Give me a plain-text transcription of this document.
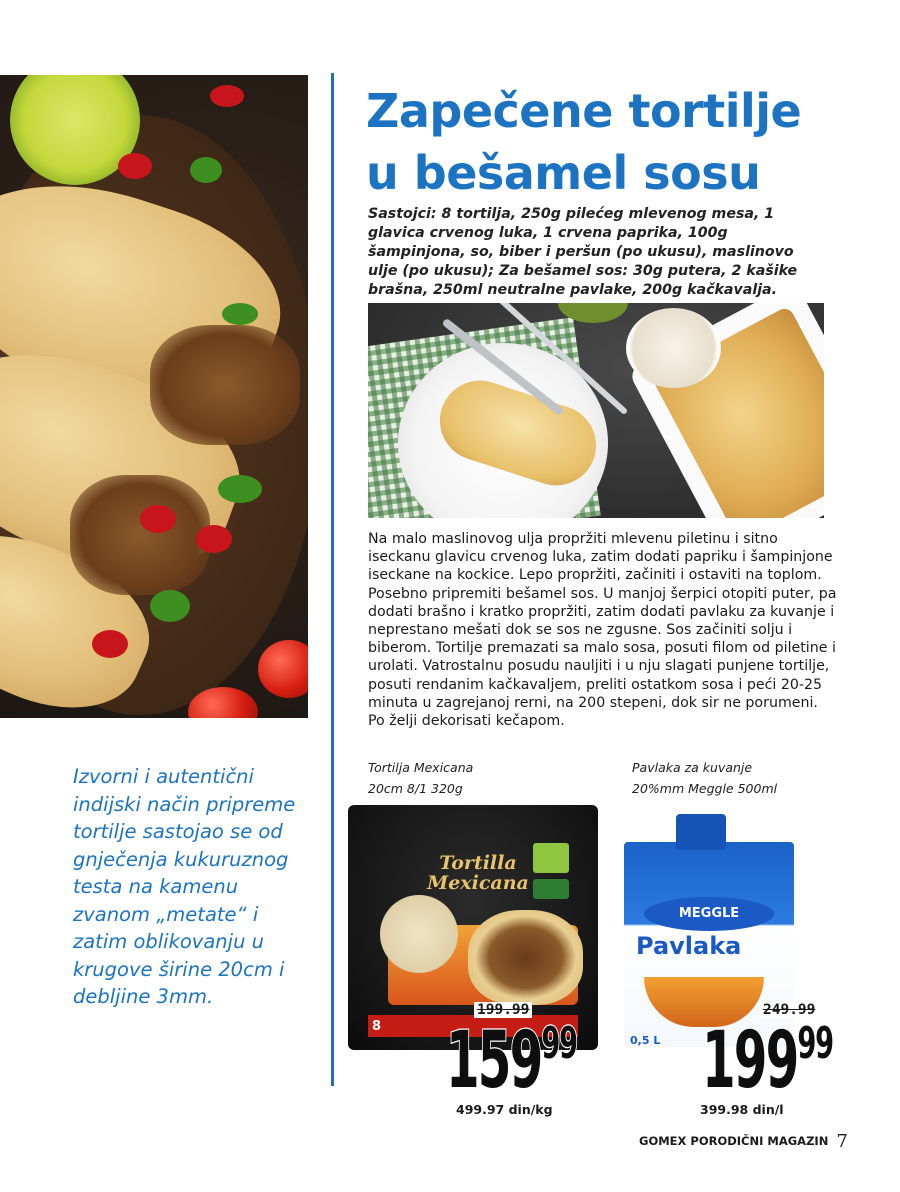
Zapečene tortilje
u bešamel sosu

Sastojci: 8 tortilja, 250g pilećeg mlevenog mesa, 1 glavica crvenog luka, 1 crvena paprika, 100g šampinjona, so, biber i peršun (po ukusu), maslinovo ulje (po ukusu); Za bešamel sos: 30g putera, 2 kašike brašna, 250ml neutralne pavlake, 200g kačkavalja.

Na malo maslinovog ulja propržiti mlevenu piletinu i sitno iseckanu glavicu crvenog luka, zatim dodati papriku i šampinjone iseckane na kockice. Lepo propržiti, začiniti i ostaviti na toplom. Posebno pripremiti bešamel sos. U manjoj šerpici otopiti puter, pa dodati brašno i kratko propržiti, zatim dodati pavlaku za kuvanje i neprestano mešati dok se sos ne zgusne. Sos začiniti solju i biberom. Tortilje premazati sa malo sosa, posuti filom od piletine i urolati. Vatrostalnu posudu nauljiti i u nju slagati punjene tortilje, posuti rendanim kačkavaljem, preliti ostatkom sosa i peći 20-25 minuta u zagrejanoj rerni, na 200 stepeni, dok sir ne porumeni. Po želji dekorisati kečapom.

Izvorni i autentični indijski način pripreme tortilje sastojao se od gnječenja kukuruznog testa na kamenu zvanom „metate“ i zatim oblikovanju u krugove širine 20cm i debljine 3mm.

Tortilja Mexicana
20cm 8/1 320g

Tortilla
Mexicana
8
199.99
15999

499.97 din/kg

Pavlaka za kuvanje
20%mm Meggle 500ml

MEGGLE
Pavlaka
0,5 L
249.99
19999

399.98 din/l

GOMEX PORODIČNI MAGAZIN 7
